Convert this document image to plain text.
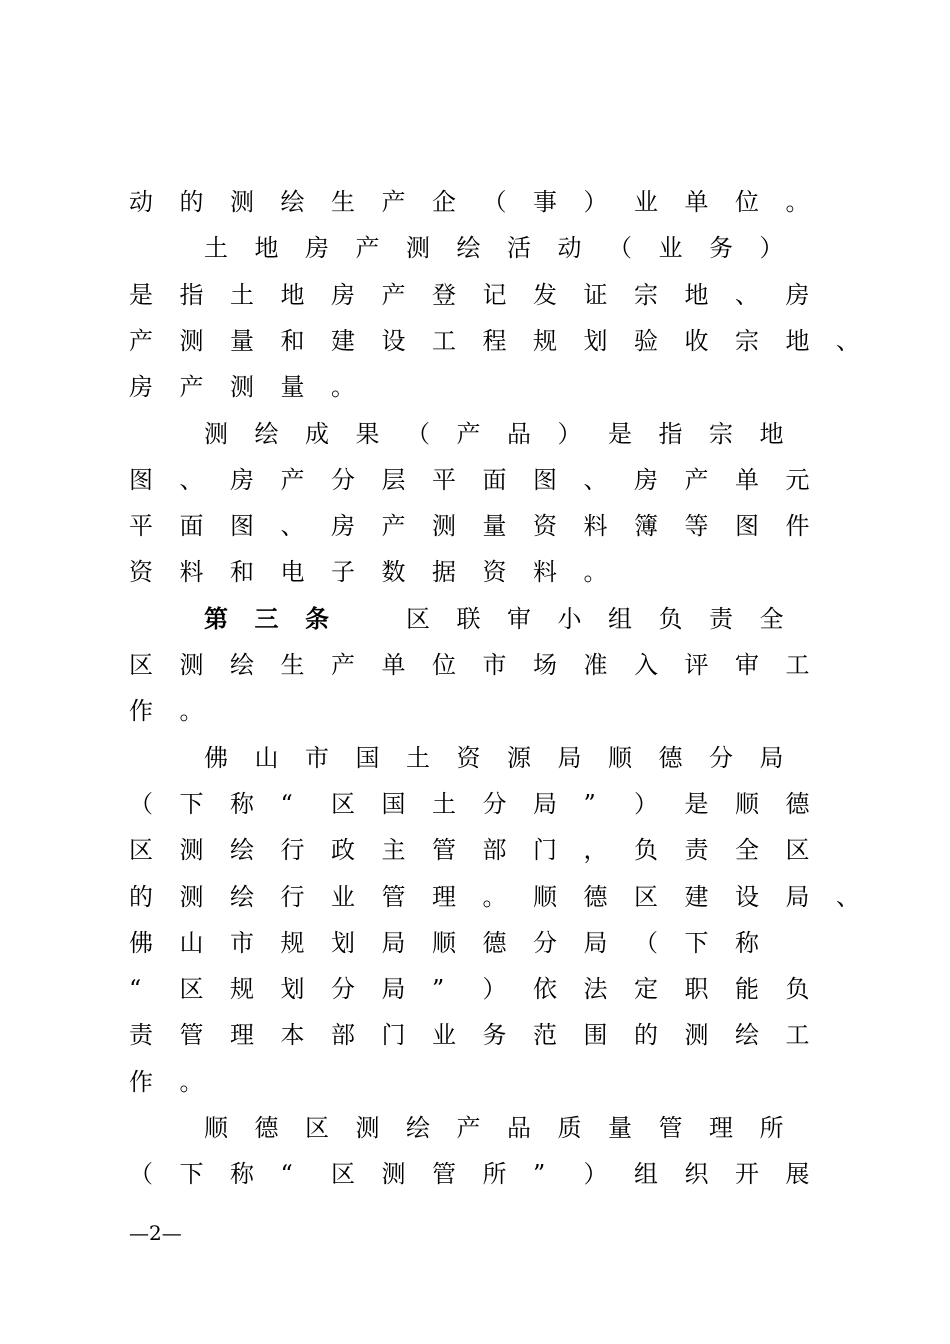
动 的 测 绘 生 产 企 （ 事 ） 业 单 位 。
土 地 房 产 测 绘 活 动 （ 业 务 ）
是 指 土 地 房 产 登 记 发 证 宗 地 、 房
产 测 量 和 建 设 工 程 规 划 验 收 宗 地 、
房 产 测 量 。
测 绘 成 果 （ 产 品 ） 是 指 宗 地
图 、 房 产 分 层 平 面 图 、 房 产 单 元
平 面 图 、 房 产 测 量 资 料 簿 等 图 件
资 料 和 电 子 数 据 资 料 。
第 三 条　	区 联 审 小 组 负 责 全
区 测 绘 生 产 单 位 市 场 准 入 评 审 工
作 。
佛 山 市 国 土 资 源 局 顺 德 分 局
（ 下 称 “ 区 国 土 分 局 ” ） 是 顺 德
区 测 绘 行 政 主 管 部 门 ， 负 责 全 区
的 测 绘 行 业 管 理 。 顺 德 区 建 设 局 、
佛 山 市 规 划 局 顺 德 分 局 （ 下 称
“ 区 规 划 分 局 ” ） 依 法 定 职 能 负
责 管 理 本 部 门 业 务 范 围 的 测 绘 工
作 。
顺 德 区 测 绘 产 品 质 量 管 理 所
（ 下 称 “ 区 测 管 所 ” ） 组 织 开 展
—2—
